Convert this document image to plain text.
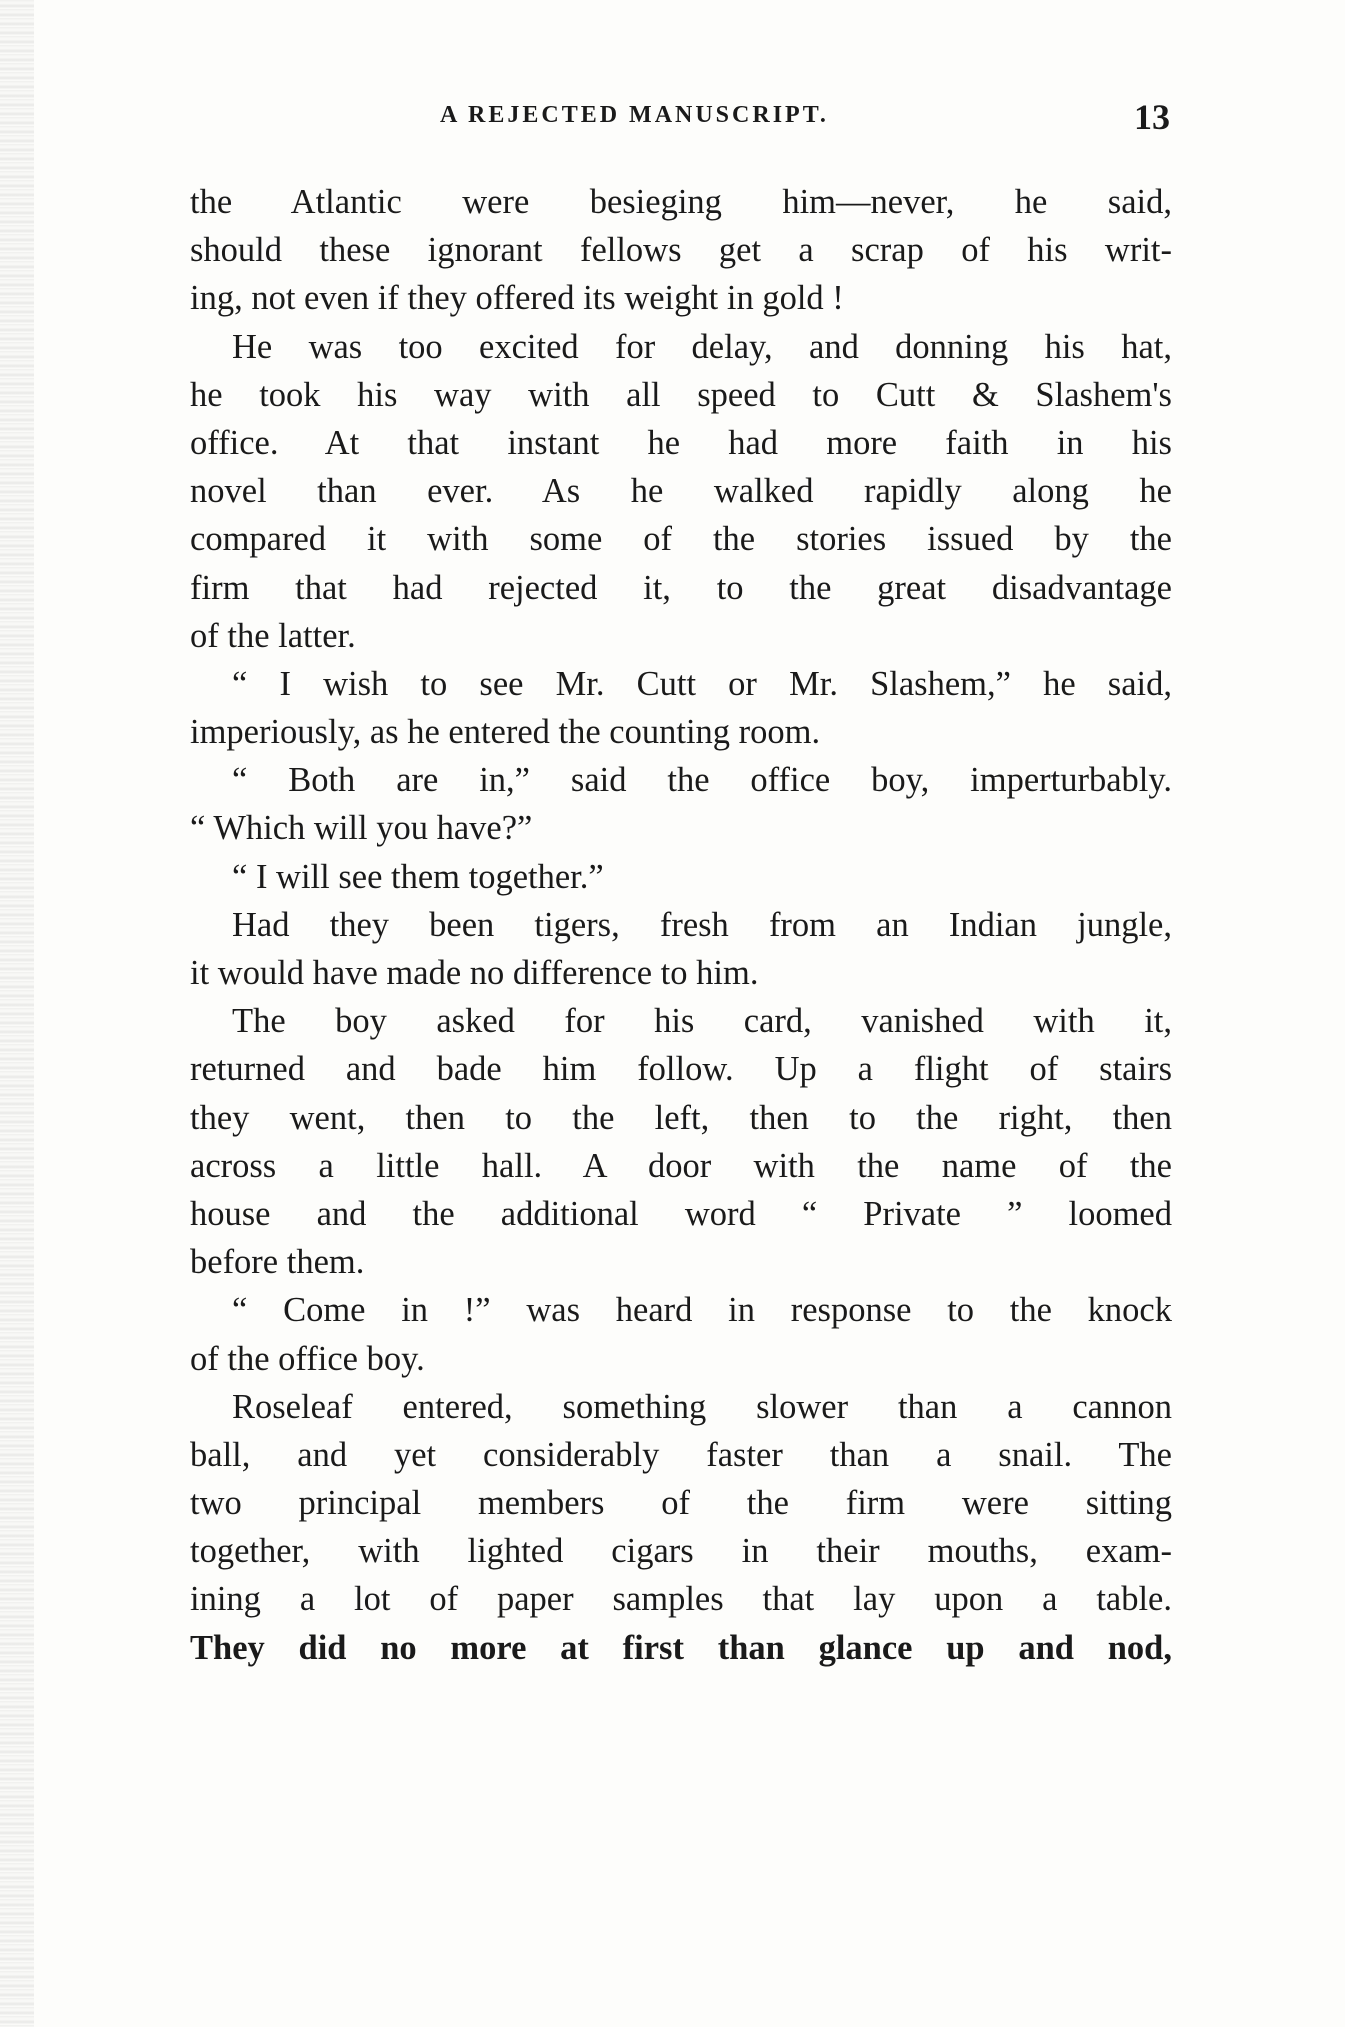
A REJECTED MANUSCRIPT.	13
the Atlantic were besieging him—never, he said,
should these ignorant fellows get a scrap of his writ-
ing, not even if they offered its weight in gold !
He was too excited for delay, and donning his hat,
he took his way with all speed to Cutt & Slashem's
office. At that instant he had more faith in his
novel than ever. As he walked rapidly along he
compared it with some of the stories issued by the
firm that had rejected it, to the great disadvantage
of the latter.
“ I wish to see Mr. Cutt or Mr. Slashem,” he said,
imperiously, as he entered the counting room.
“ Both are in,” said the office boy, imperturbably.
“ Which will you have?”
“ I will see them together.”
Had they been tigers, fresh from an Indian jungle,
it would have made no difference to him.
The boy asked for his card, vanished with it,
returned and bade him follow. Up a flight of stairs
they went, then to the left, then to the right, then
across a little hall. A door with the name of the
house and the additional word “ Private ” loomed
before them.
“ Come in !” was heard in response to the knock
of the office boy.
Roseleaf entered, something slower than a cannon
ball, and yet considerably faster than a snail. The
two principal members of the firm were sitting
together, with lighted cigars in their mouths, exam-
ining a lot of paper samples that lay upon a table.
They did no more at first than glance up and nod,
